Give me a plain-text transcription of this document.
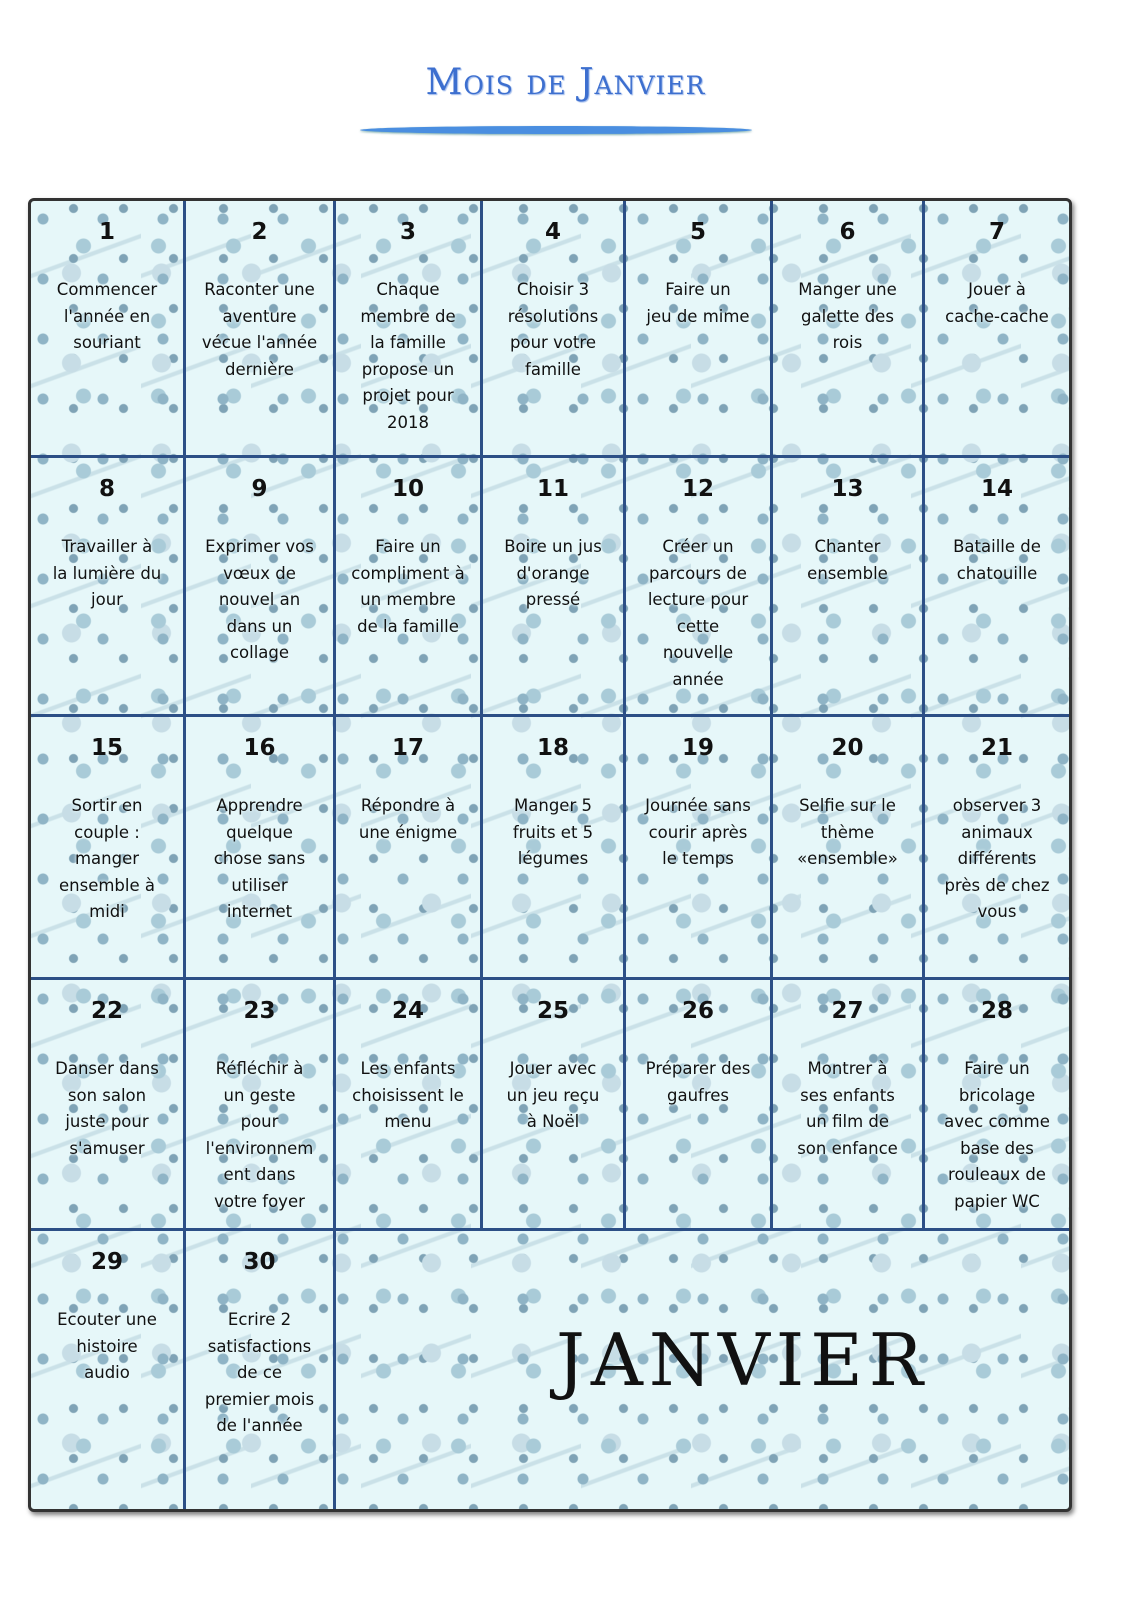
Mois de Janvier
1
Commencer
l'année en
souriant
2
Raconter une
aventure
vécue l'année
dernière
3
Chaque
membre de
la famille
propose un
projet pour
2018
4
Choisir 3
résolutions
pour votre
famille
5
Faire un
jeu de mime
6
Manger une
galette des
rois
7
Jouer à
cache-cache
8
Travailler à
la lumière du
jour
9
Exprimer vos
vœux de
nouvel an
dans un
collage
10
Faire un
compliment à
un membre
de la famille
11
Boire un jus
d'orange
pressé
12
Créer un
parcours de
lecture pour
cette
nouvelle
année
13
Chanter
ensemble
14
Bataille de
chatouille
15
Sortir en
couple :
manger
ensemble à
midi
16
Apprendre
quelque
chose sans
utiliser
internet
17
Répondre à
une énigme
18
Manger 5
fruits et 5
légumes
19
Journée sans
courir après
le temps
20
Selfie sur le
thème
«ensemble»
21
observer 3
animaux
différents
près de chez
vous
22
Danser dans
son salon
juste pour
s'amuser
23
Réfléchir à
un geste
pour
l'environnem
ent dans
votre foyer
24
Les enfants
choisissent le
menu
25
Jouer avec
un jeu reçu
à Noël
26
Préparer des
gaufres
27
Montrer à
ses enfants
un film de
son enfance
28
Faire un
bricolage
avec comme
base des
rouleaux de
papier WC
29
Ecouter une
histoire
audio
30
Ecrire 2
satisfactions
de ce
premier mois
de l'année
JANVIER
